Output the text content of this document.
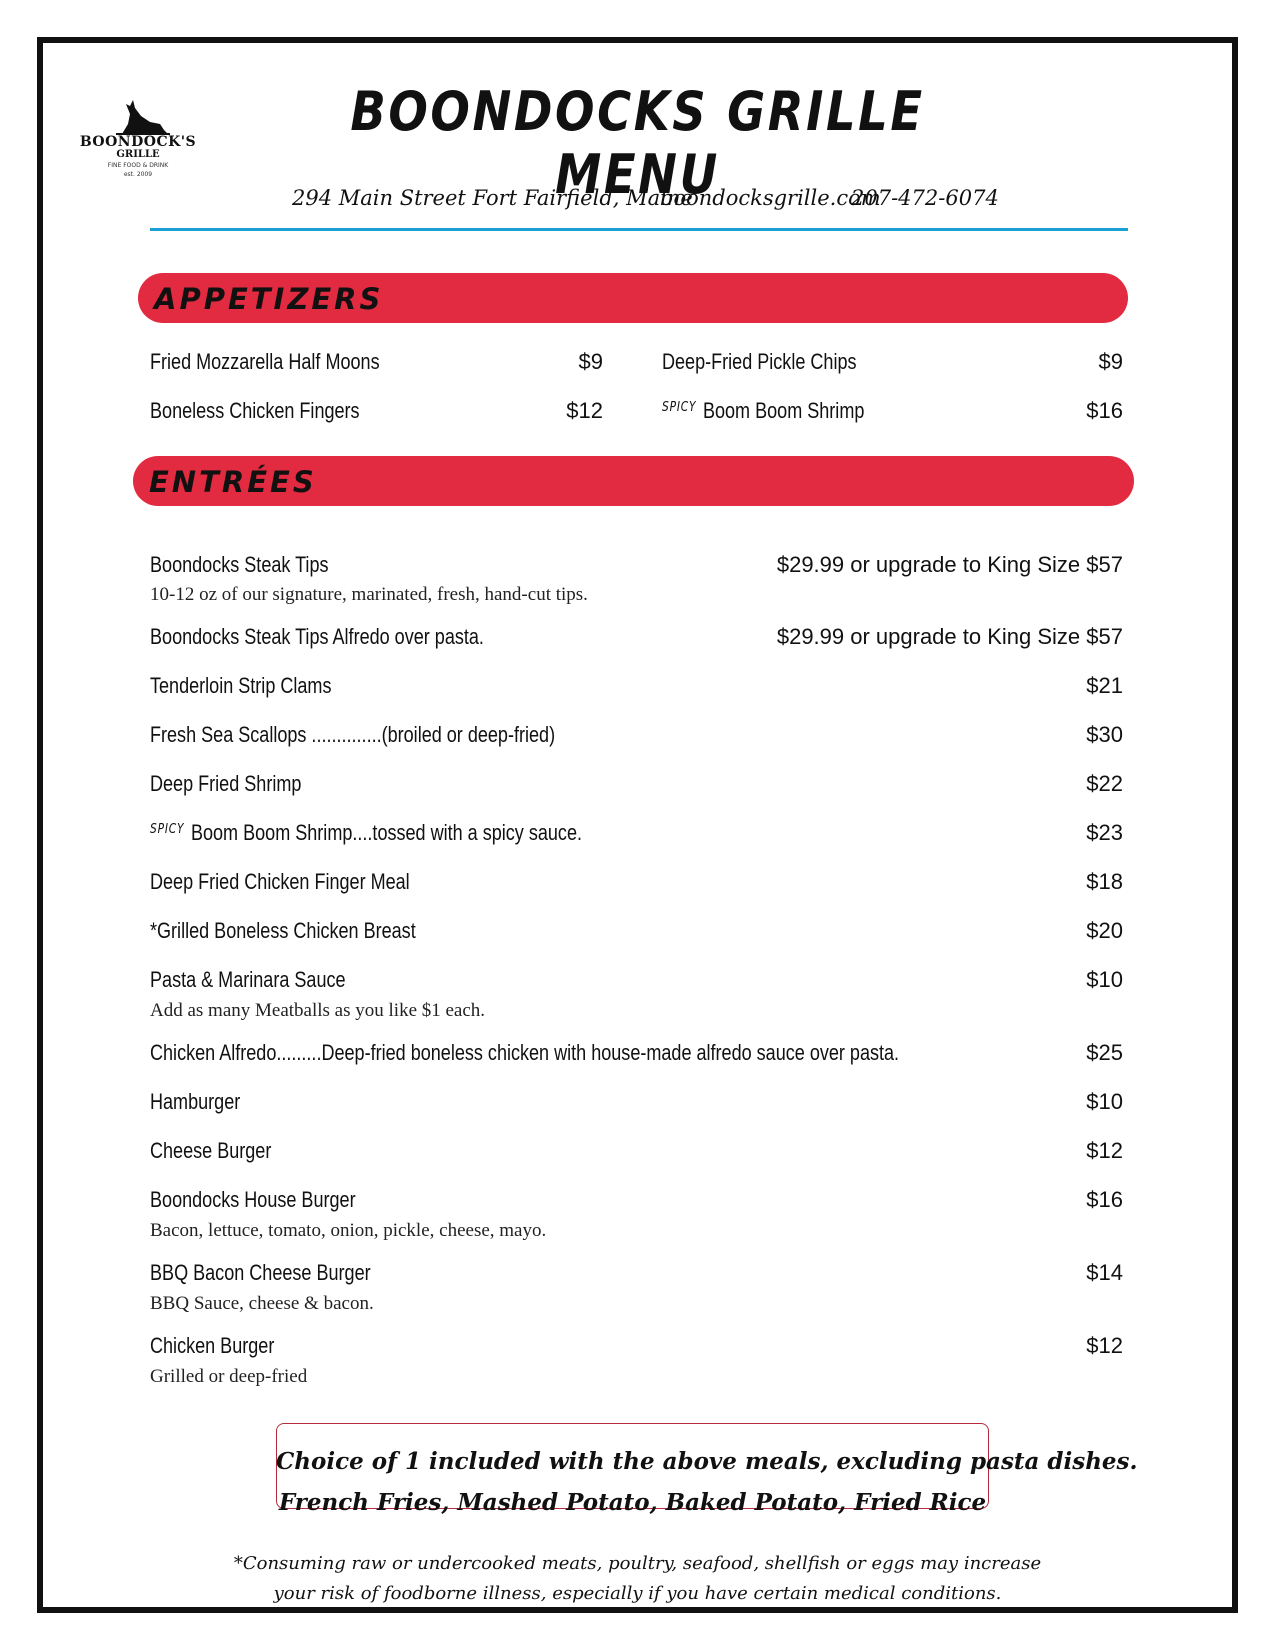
BOONDOCK'S
GRILLE
FINE FOOD & DRINK
est. 2009
BOONDOCKS GRILLE MENU
294 Main Street Fort Fairfield, Maine
boondocksgrille.com
207-472-6074
APPETIZERS
Fried Mozzarella Half Moons	$9
Boneless Chicken Fingers	$12
Deep-Fried Pickle Chips	$9
$^{SPICY}$ Boom Boom Shrimp	$16
ENTRÉES
Boondocks Steak Tips	$29.99 or upgrade to King Size $57
10-12 oz of our signature, marinated, fresh, hand-cut tips.
Boondocks Steak Tips Alfredo over pasta.	$29.99 or upgrade to King Size $57
Tenderloin Strip Clams	$21
Fresh Sea Scallops ..............(broiled or deep-fried)	$30
Deep Fried Shrimp	$22
$^{SPICY}$ Boom Boom Shrimp....tossed with a spicy sauce.	$23
Deep Fried Chicken Finger Meal	$18
*Grilled Boneless Chicken Breast	$20
Pasta & Marinara Sauce	$10
Add as many Meatballs as you like $1 each.
Chicken Alfredo.........Deep-fried boneless chicken with house-made alfredo sauce over pasta.	$25
Hamburger	$10
Cheese Burger	$12
Boondocks House Burger	$16
Bacon, lettuce, tomato, onion, pickle, cheese, mayo.
BBQ Bacon Cheese Burger	$14
BBQ Sauce, cheese & bacon.
Chicken Burger	$12
Grilled or deep-fried
Choice of 1 included with the above meals, excluding pasta dishes.
French Fries, Mashed Potato, Baked Potato, Fried Rice
*Consuming raw or undercooked meats, poultry, seafood, shellfish or eggs may increase
your risk of foodborne illness, especially if you have certain medical conditions.
